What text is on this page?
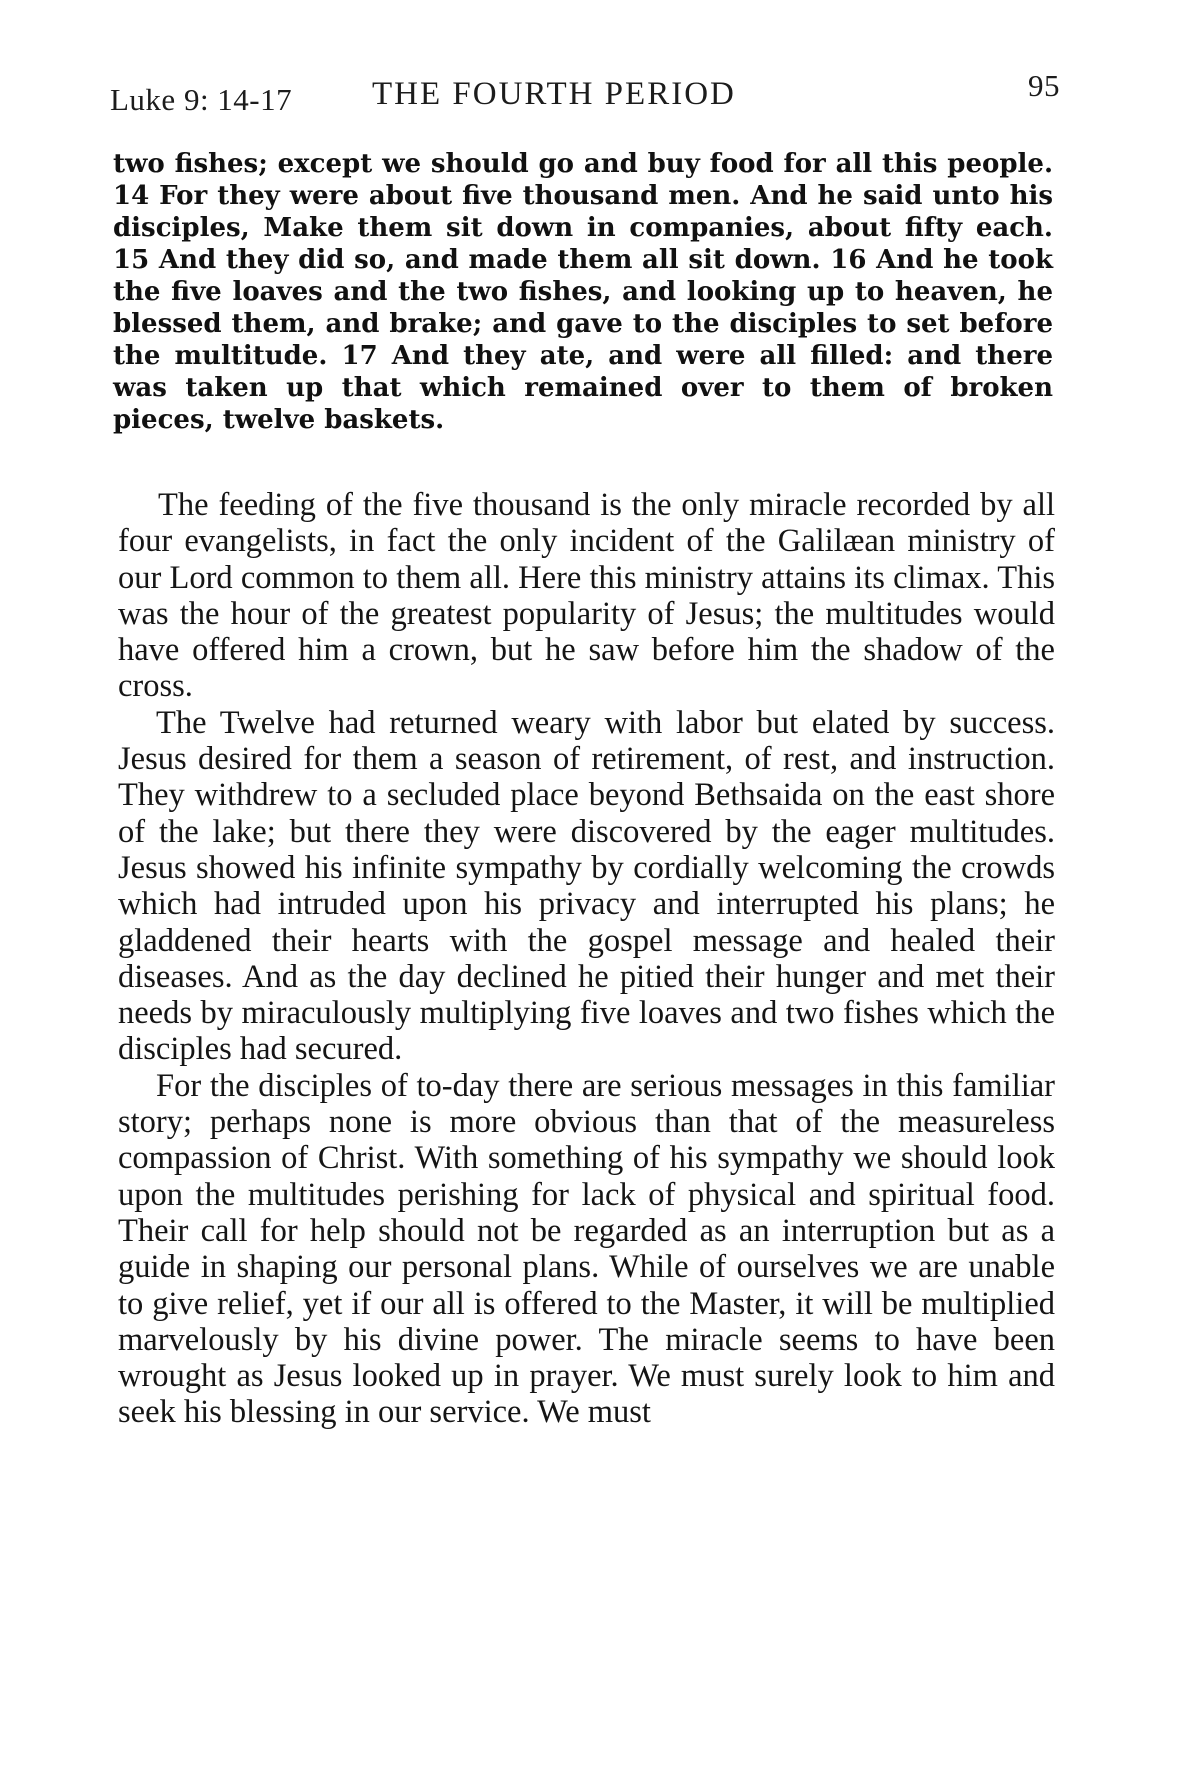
Luke 9: 14-17 THE FOURTH PERIOD	95

two fishes; except we should go and buy food for all this people. 14 For they were about five thousand men. And he said unto his disciples, Make them sit down in companies, about fifty each. 15 And they did so, and made them all sit down. 16 And he took the five loaves and the two fishes, and looking up to heaven, he blessed them, and brake; and gave to the disciples to set before the multitude. 17 And they ate, and were all filled: and there was taken up that which remained over to them of broken pieces, twelve baskets.

The feeding of the five thousand is the only miracle recorded by all four evangelists, in fact the only incident of the Galilæan ministry of our Lord common to them all. Here this ministry attains its climax. This was the hour of the greatest popularity of Jesus; the multitudes would have offered him a crown, but he saw before him the shadow of the cross.

The Twelve had returned weary with labor but elated by success. Jesus desired for them a season of retirement, of rest, and instruction. They withdrew to a secluded place beyond Bethsaida on the east shore of the lake; but there they were discovered by the eager multitudes. Jesus showed his infinite sympathy by cordially welcoming the crowds which had intruded upon his privacy and interrupted his plans; he gladdened their hearts with the gospel message and healed their diseases. And as the day declined he pitied their hunger and met their needs by miraculously multiplying five loaves and two fishes which the disciples had secured.

For the disciples of to-day there are serious messages in this familiar story; perhaps none is more obvious than that of the measureless compassion of Christ. With something of his sympathy we should look upon the multitudes perishing for lack of physical and spiritual food. Their call for help should not be regarded as an interruption but as a guide in shaping our personal plans. While of ourselves we are unable to give relief, yet if our all is offered to the Master, it will be multiplied marvelously by his divine power. The miracle seems to have been wrought as Jesus looked up in prayer. We must surely look to him and seek his blessing in our service. We must
